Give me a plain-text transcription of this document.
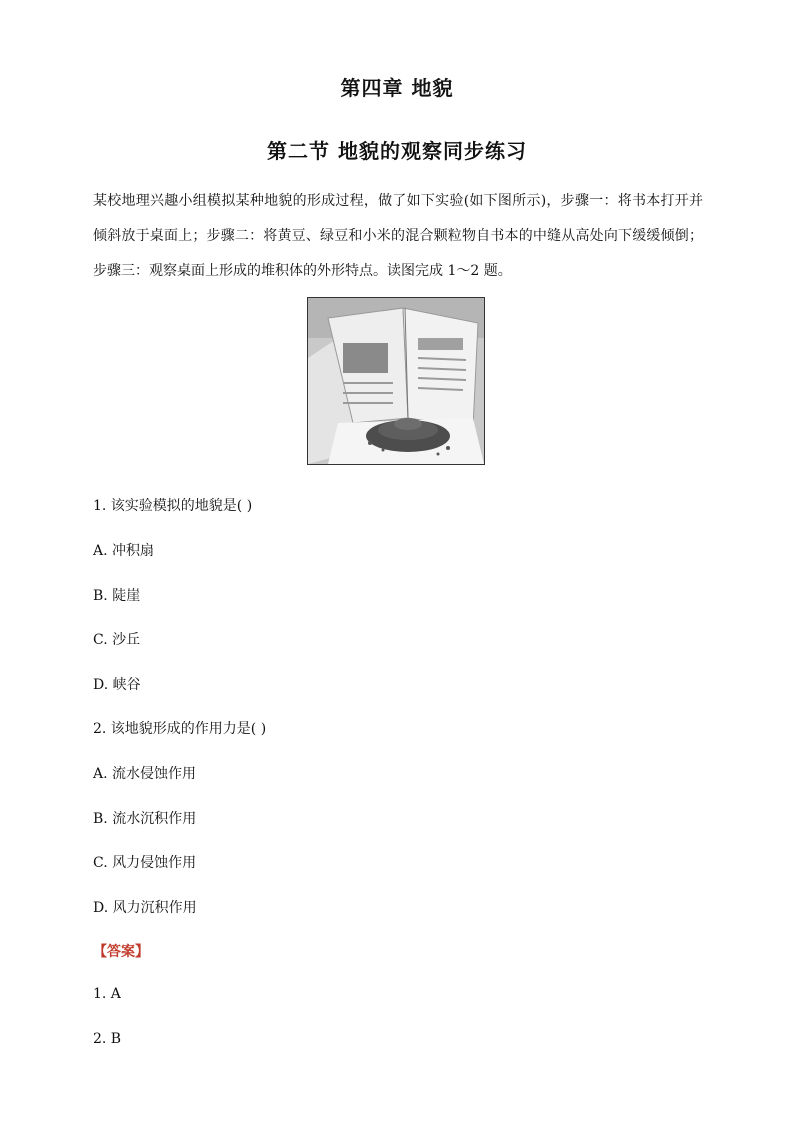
第四章 地貌
第二节 地貌的观察同步练习
某校地理兴趣小组模拟某种地貌的形成过程，做了如下实验(如下图所示)，步骤一：将书本打开并倾斜放于桌面上；步骤二：将黄豆、绿豆和小米的混合颗粒物自书本的中缝从高处向下缓缓倾倒；步骤三：观察桌面上形成的堆积体的外形特点。读图完成 1～2 题。
1. 该实验模拟的地貌是( )
A. 冲积扇
B. 陡崖
C. 沙丘
D. 峡谷
2. 该地貌形成的作用力是( )
A. 流水侵蚀作用
B. 流水沉积作用
C. 风力侵蚀作用
D. 风力沉积作用
【答案】
1. A
2. B
